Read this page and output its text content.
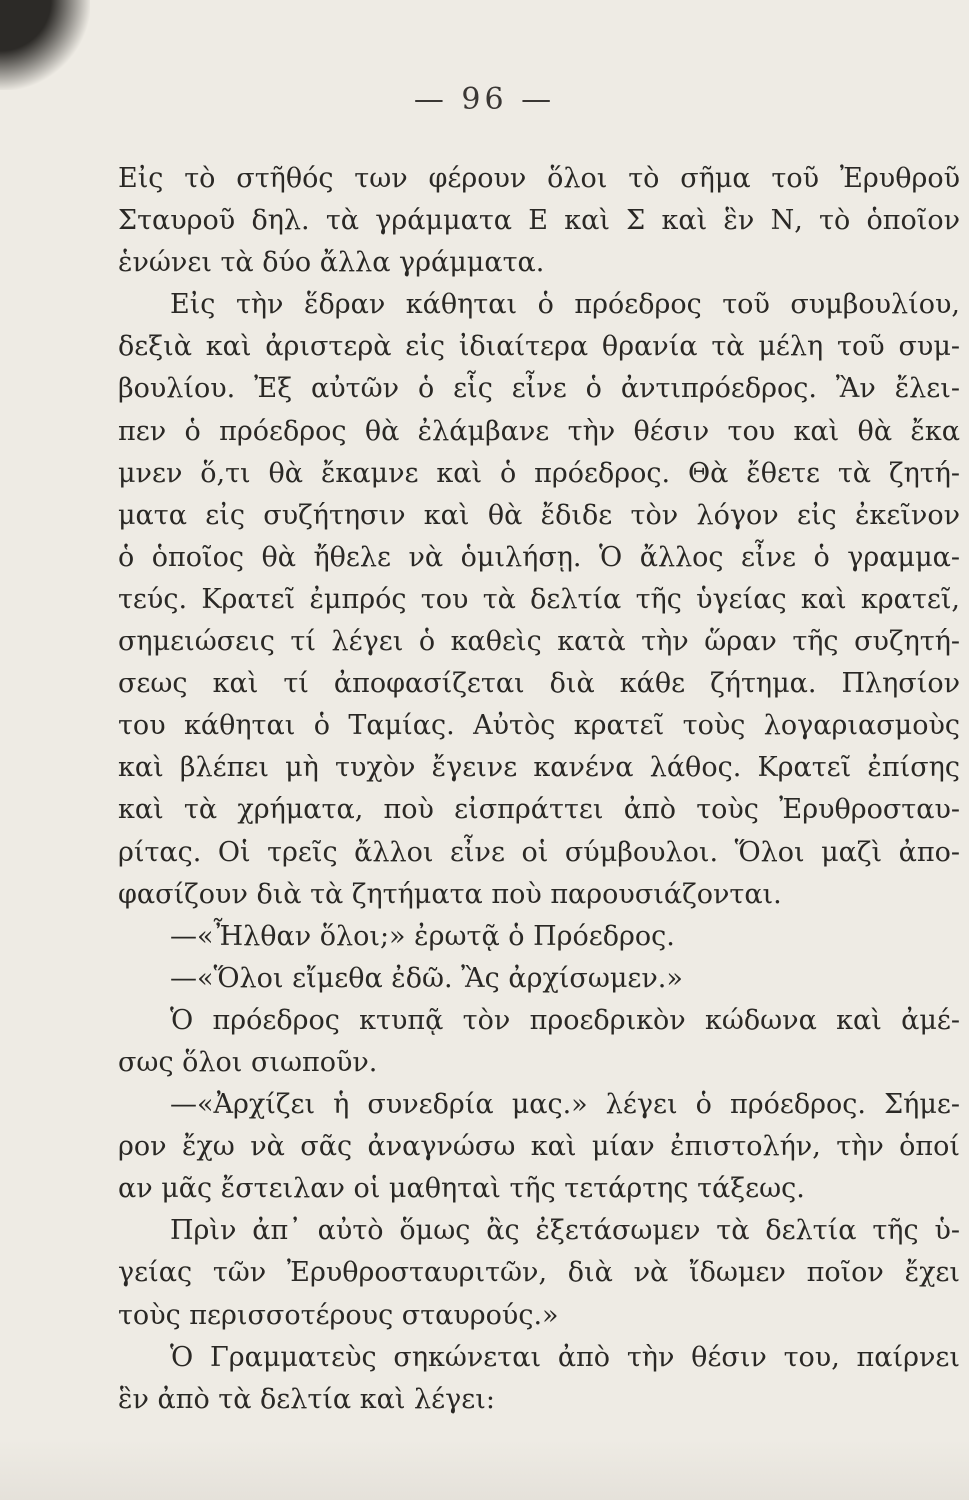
— 96 —
Εἰς τὸ στῆθός των φέρουν ὅλοι τὸ σῆμα τοῦ Ἐρυθροῦ
Σταυροῦ δηλ. τὰ γράμματα Ε καὶ Σ καὶ ἓν Ν, τὸ ὁποῖον
ἑνώνει τὰ δύο ἄλλα γράμματα.
Εἰς τὴν ἕδραν κάθηται ὁ πρόεδρος τοῦ συμβουλίου,
δεξιὰ καὶ ἀριστερὰ εἰς ἰδιαίτερα θρανία τὰ μέλη τοῦ συμ-
βουλίου. Ἐξ αὐτῶν ὁ εἷς εἶνε ὁ ἀντιπρόεδρος. Ἂν ἔλει-
πεν ὁ πρόεδρος θὰ ἐλάμβανε τὴν θέσιν του καὶ θὰ ἔκα
μνεν ὅ,τι θὰ ἔκαμνε καὶ ὁ πρόεδρος. Θὰ ἔθετε τὰ ζητή-
ματα εἰς συζήτησιν καὶ θὰ ἔδιδε τὸν λόγον εἰς ἐκεῖνον
ὁ ὁποῖος θὰ ἤθελε νὰ ὁμιλήσῃ. Ὁ ἄλλος εἶνε ὁ γραμμα-
τεύς. Κρατεῖ ἐμπρός του τὰ δελτία τῆς ὑγείας καὶ κρατεῖ,
σημειώσεις τί λέγει ὁ καθεὶς κατὰ τὴν ὥραν τῆς συζητή-
σεως καὶ τί ἀποφασίζεται διὰ κάθε ζήτημα. Πλησίον
του κάθηται ὁ Ταμίας. Αὐτὸς κρατεῖ τοὺς λογαριασμοὺς
καὶ βλέπει μὴ τυχὸν ἔγεινε κανένα λάθος. Κρατεῖ ἐπίσης
καὶ τὰ χρήματα, ποὺ εἰσπράττει ἀπὸ τοὺς Ἐρυθροσταυ-
ρίτας. Οἱ τρεῖς ἄλλοι εἶνε οἱ σύμβουλοι. Ὅλοι μαζὶ ἀπο-
φασίζουν διὰ τὰ ζητήματα ποὺ παρουσιάζονται.
—«Ἦλθαν ὅλοι;» ἐρωτᾷ ὁ Πρόεδρος.
—«Ὅλοι εἴμεθα ἐδῶ. Ἂς ἀρχίσωμεν.»
Ὁ πρόεδρος κτυπᾷ τὸν προεδρικὸν κώδωνα καὶ ἀμέ-
σως ὅλοι σιωποῦν.
—«Ἀρχίζει ἡ συνεδρία μας.» λέγει ὁ πρόεδρος. Σήμε-
ρον ἔχω νὰ σᾶς ἀναγνώσω καὶ μίαν ἐπιστολήν, τὴν ὁποί
αν μᾶς ἔστειλαν οἱ μαθηταὶ τῆς τετάρτης τάξεως.
Πρὶν ἀπ᾽ αὐτὸ ὅμως ἂς ἐξετάσωμεν τὰ δελτία τῆς ὑ-
γείας τῶν Ἐρυθροσταυριτῶν, διὰ νὰ ἴδωμεν ποῖον ἔχει
τοὺς περισσοτέρους σταυρούς.»
Ὁ Γραμματεὺς σηκώνεται ἀπὸ τὴν θέσιν του, παίρνει
ἓν ἀπὸ τὰ δελτία καὶ λέγει:
